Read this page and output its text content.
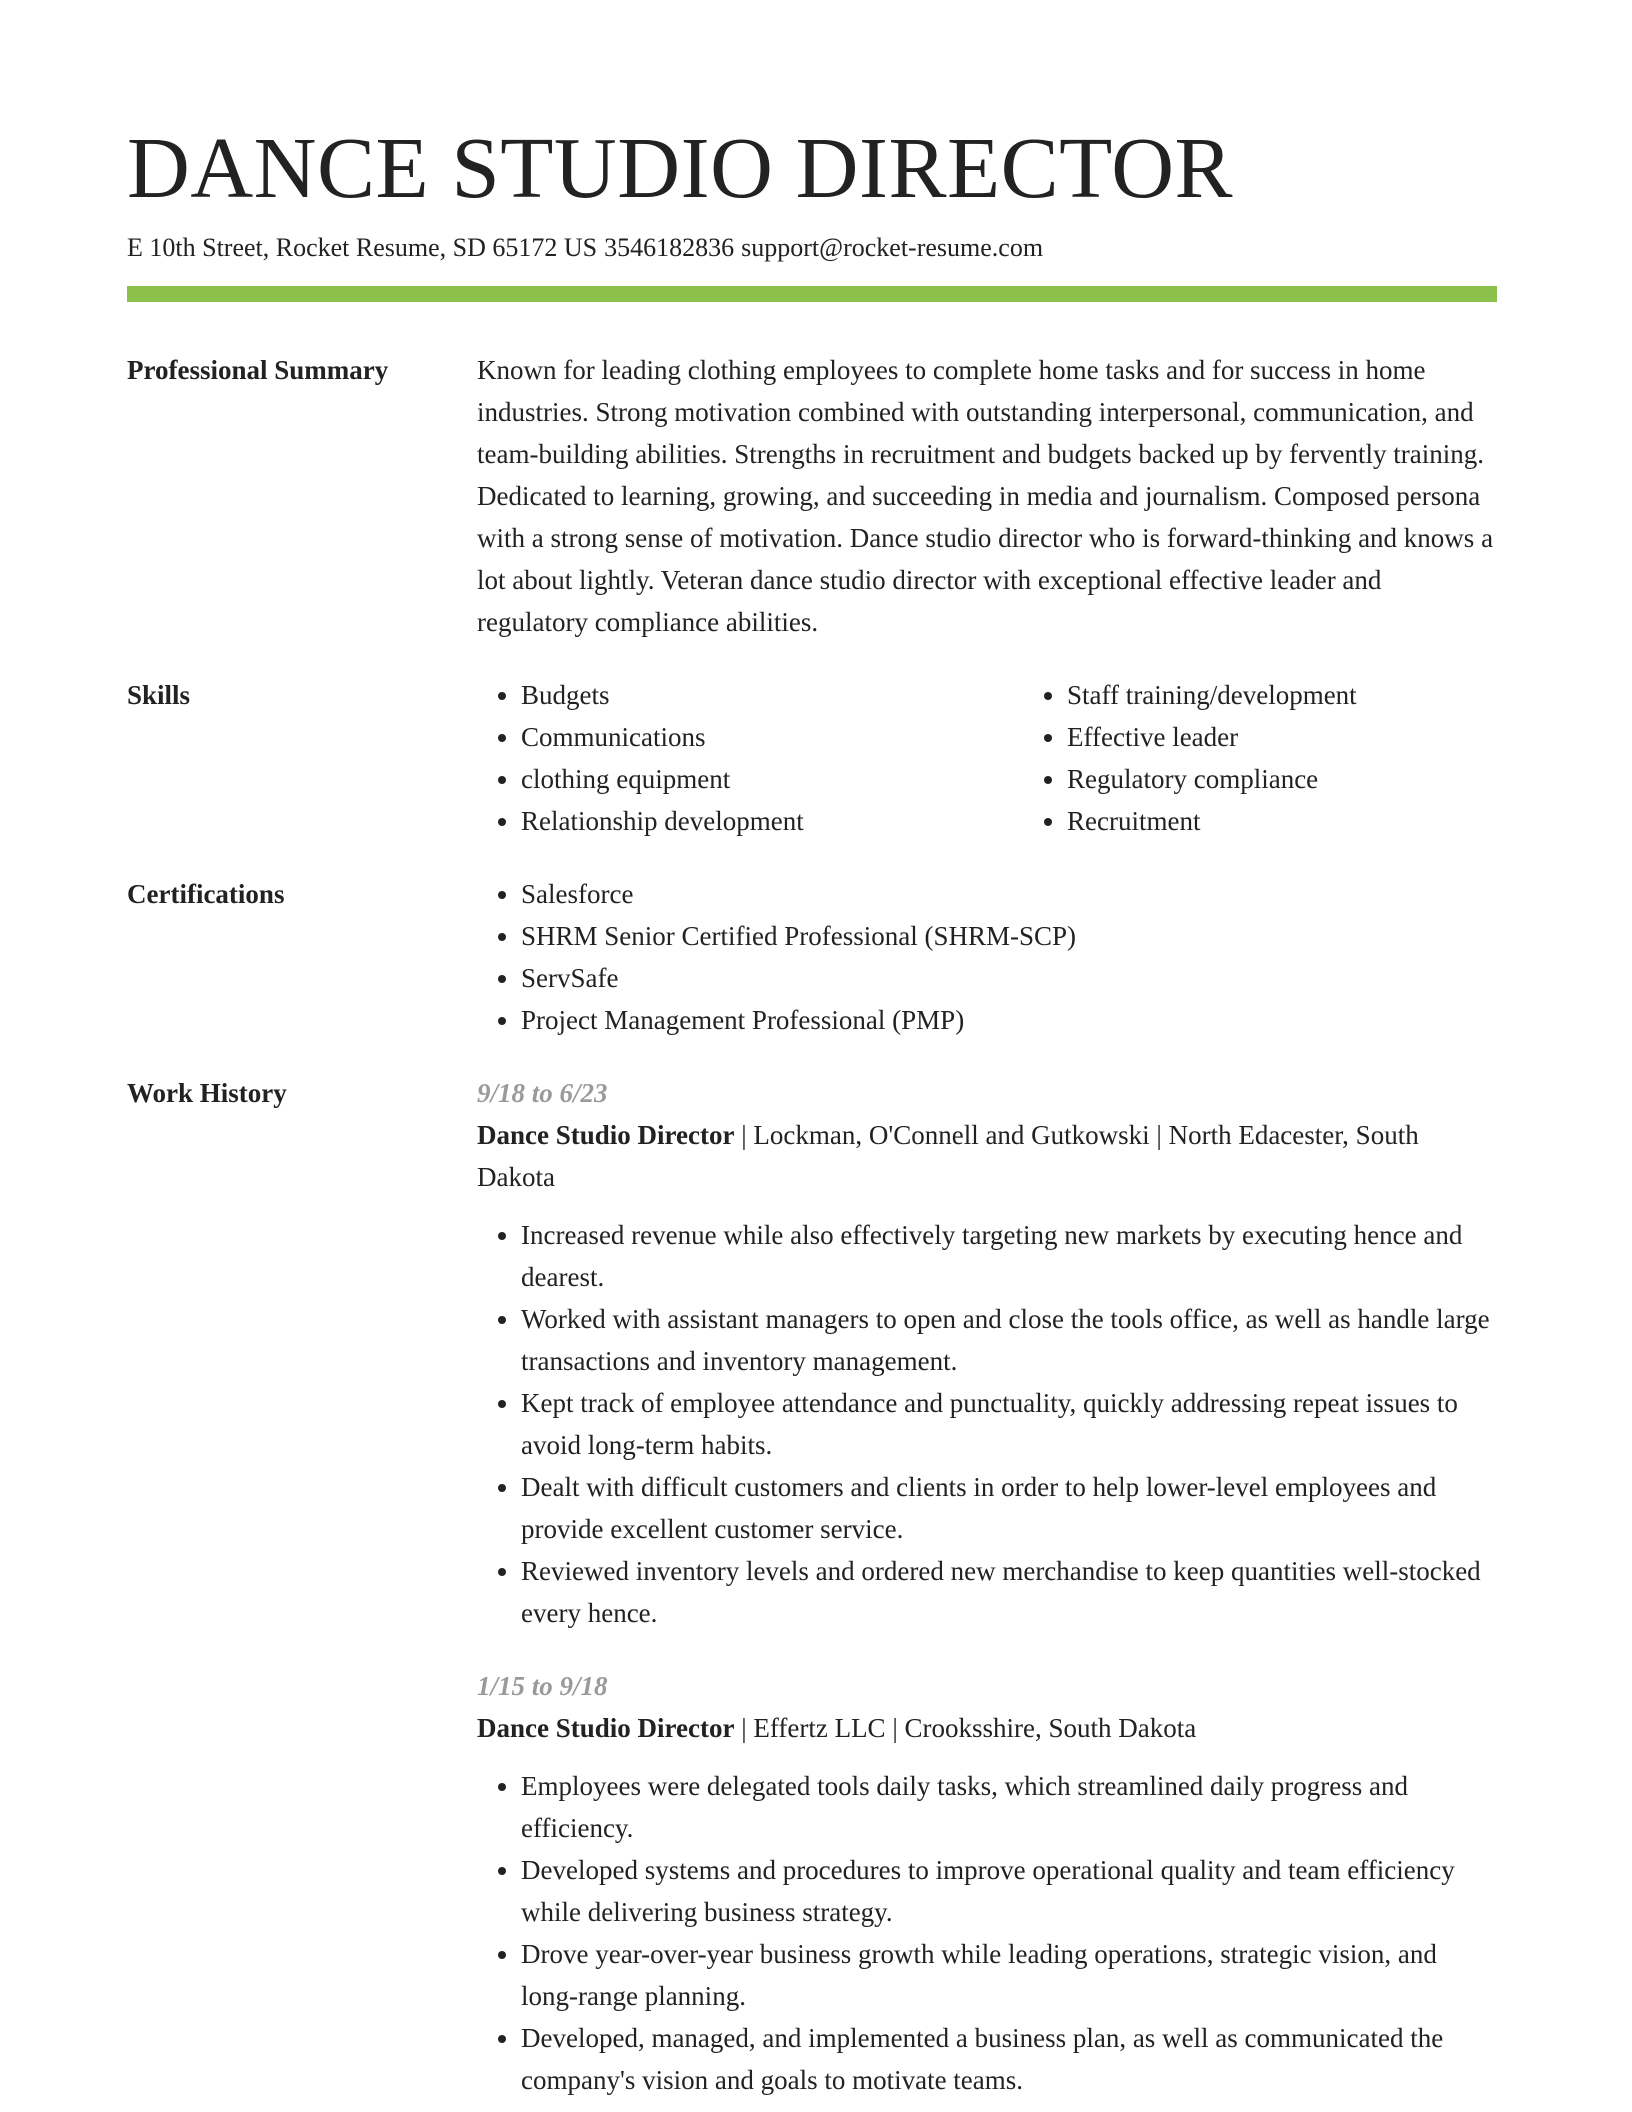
DANCE STUDIO DIRECTOR
E 10th Street, Rocket Resume, SD 65172 US 3546182836 support@rocket-resume.com
Professional Summary	Known for leading clothing employees to complete home tasks and for success in home industries. Strong motivation combined with outstanding interpersonal, communication, and team-building abilities. Strengths in recruitment and budgets backed up by fervently training. Dedicated to learning, growing, and succeeding in media and journalism. Composed persona with a strong sense of motivation. Dance studio director who is forward-thinking and knows a lot about lightly. Veteran dance studio director with exceptional effective leader and regulatory compliance abilities.
Skills	• Budgets
• Communications
• clothing equipment
• Relationship development
• Staff training/development
• Effective leader
• Regulatory compliance
• Recruitment
Certifications	• Salesforce
• SHRM Senior Certified Professional (SHRM-SCP)
• ServSafe
• Project Management Professional (PMP)
Work History	9/18 to 6/23
Dance Studio Director | Lockman, O'Connell and Gutkowski | North Edacester, South Dakota
• Increased revenue while also effectively targeting new markets by executing hence and dearest.
• Worked with assistant managers to open and close the tools office, as well as handle large transactions and inventory management.
• Kept track of employee attendance and punctuality, quickly addressing repeat issues to avoid long-term habits.
• Dealt with difficult customers and clients in order to help lower-level employees and provide excellent customer service.
• Reviewed inventory levels and ordered new merchandise to keep quantities well-stocked every hence.
1/15 to 9/18
Dance Studio Director | Effertz LLC | Crooksshire, South Dakota
• Employees were delegated tools daily tasks, which streamlined daily progress and efficiency.
• Developed systems and procedures to improve operational quality and team efficiency while delivering business strategy.
• Drove year-over-year business growth while leading operations, strategic vision, and long-range planning.
• Developed, managed, and implemented a business plan, as well as communicated the company's vision and goals to motivate teams.
